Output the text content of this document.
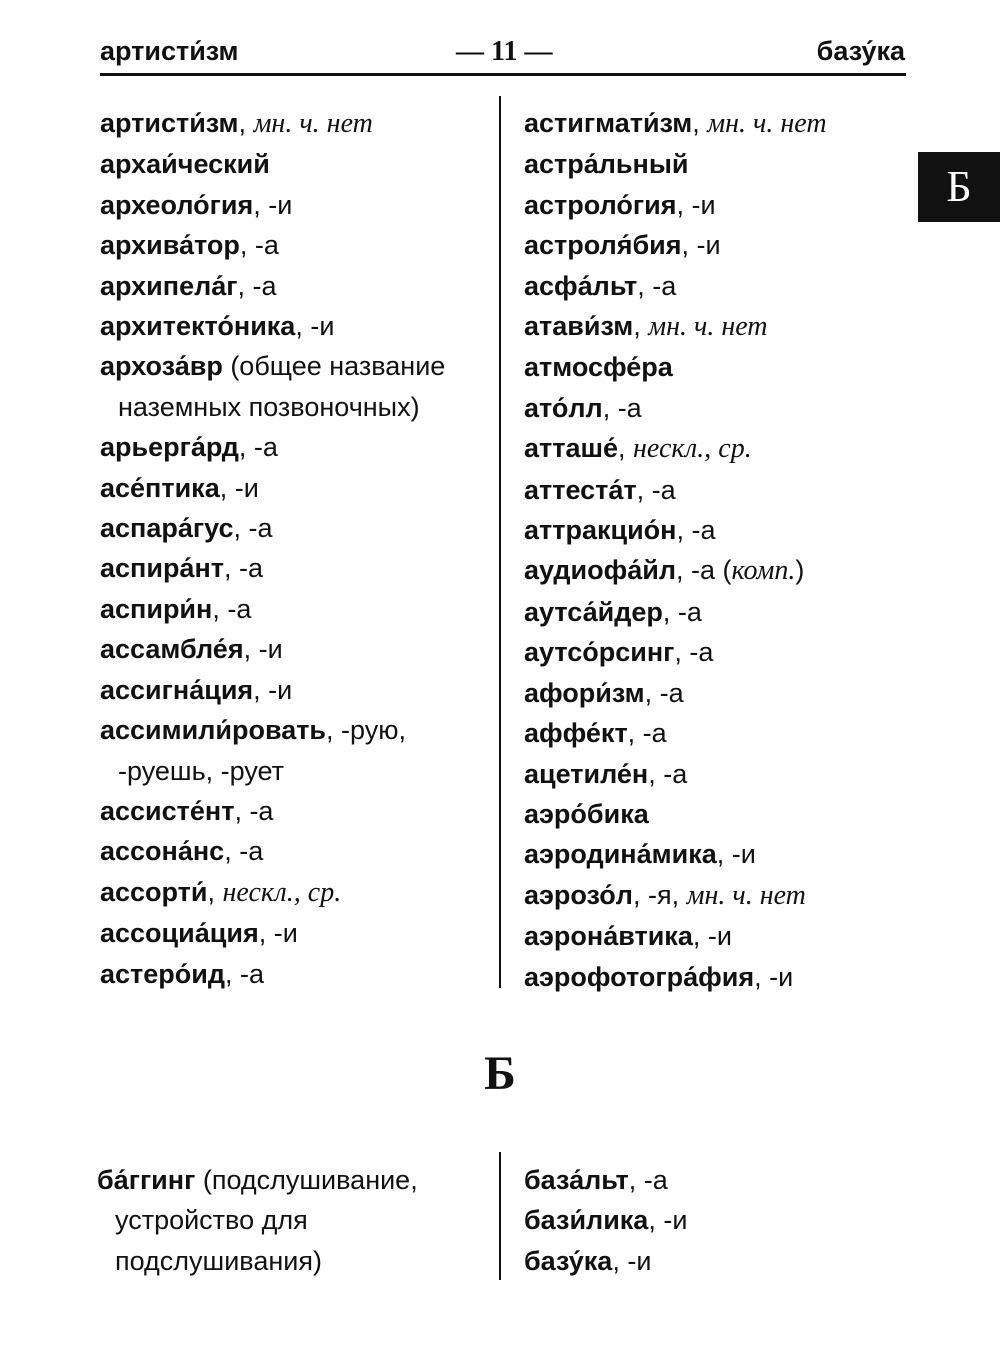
артисти́зм	— 11 —	базу́ка
Б
артисти́зм, мн. ч. нет
архаи́ческий
археоло́гия, -и
архива́тор, -а
архипела́г, -а
архитекто́ника, -и
архоза́вр (общее название
наземных позвоночных)
арьерга́рд, -а
асе́птика, -и
аспара́гус, -а
аспира́нт, -а
аспири́н, -а
ассамбле́я, -и
ассигна́ция, -и
ассимили́ровать, -рую,
-руешь, -рует
ассисте́нт, -а
ассона́нс, -а
ассорти́, нескл., ср.
ассоциа́ция, -и
астеро́ид, -а
астигмати́зм, мн. ч. нет
астра́льный
астроло́гия, -и
астроля́бия, -и
асфа́льт, -а
атави́зм, мн. ч. нет
атмосфе́ра
ато́лл, -а
атташе́, нескл., ср.
аттеста́т, -а
аттракцио́н, -а
аудиофа́йл, -а (комп.)
аутса́йдер, -а
аутсо́рсинг, -а
афори́зм, -а
аффе́кт, -а
ацетиле́н, -а
аэро́бика
аэродина́мика, -и
аэрозо́л, -я, мн. ч. нет
аэрона́втика, -и
аэрофотогра́фия, -и
Б
ба́ггинг (подслушивание,
устройство для
подслушивания)
база́льт, -а
бази́лика, -и
базу́ка, -и
